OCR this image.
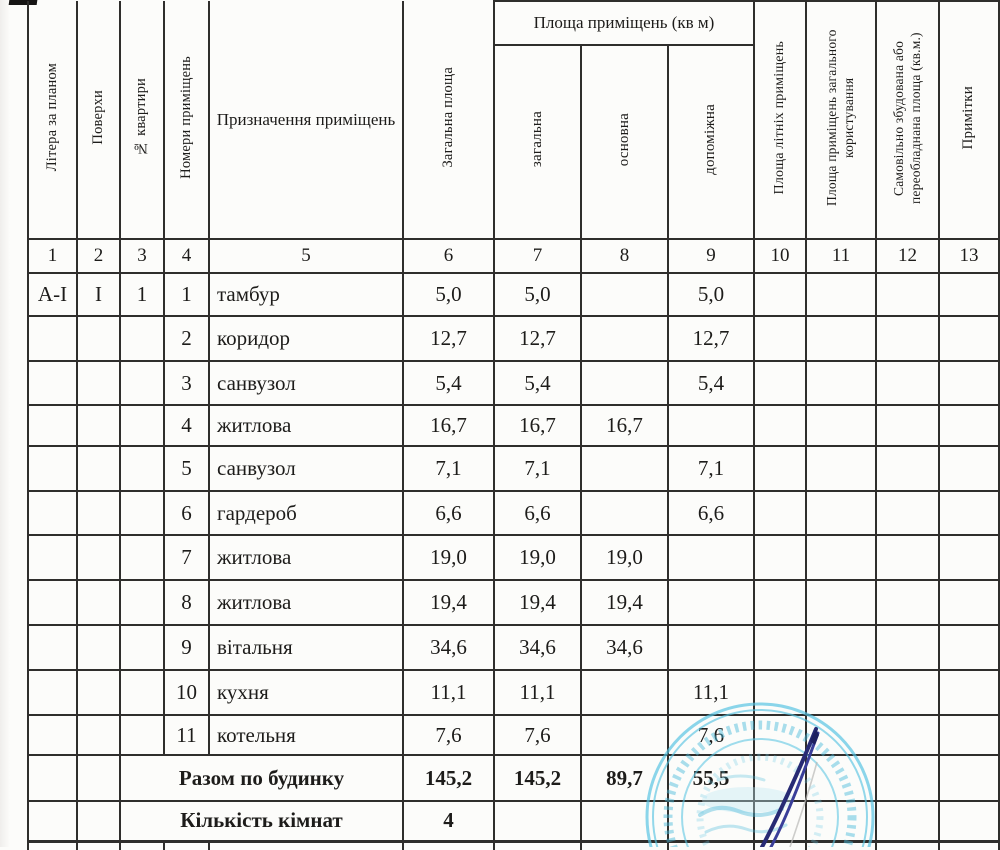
Літера за планом	Поверхи	№ квартири	Номери приміщень	Призначення приміщень	Загальна площа	Площа приміщень (кв м)			Площа літніх приміщень	Площа приміщень загального користування	Самовільно збудована або переобладнана площа (кв.м.)	Примітки
						загальна	основна	допоміжна				
1	2	3	4	5	6	7	8	9	10	11	12	13
А-І	І	1	1	тамбур	5,0	5,0		5,0				
			2	коридор	12,7	12,7		12,7				
			3	санвузол	5,4	5,4		5,4				
			4	житлова	16,7	16,7	16,7					
			5	санвузол	7,1	7,1		7,1				
			6	гардероб	6,6	6,6		6,6				
			7	житлова	19,0	19,0	19,0					
			8	житлова	19,4	19,4	19,4					
			9	вітальня	34,6	34,6	34,6					
			10	кухня	11,1	11,1		11,1				
			11	котельня	7,6	7,6		7,6				
		Разом по будинку			145,2	145,2	89,7	55,5				
		Кількість кімнат			4							
